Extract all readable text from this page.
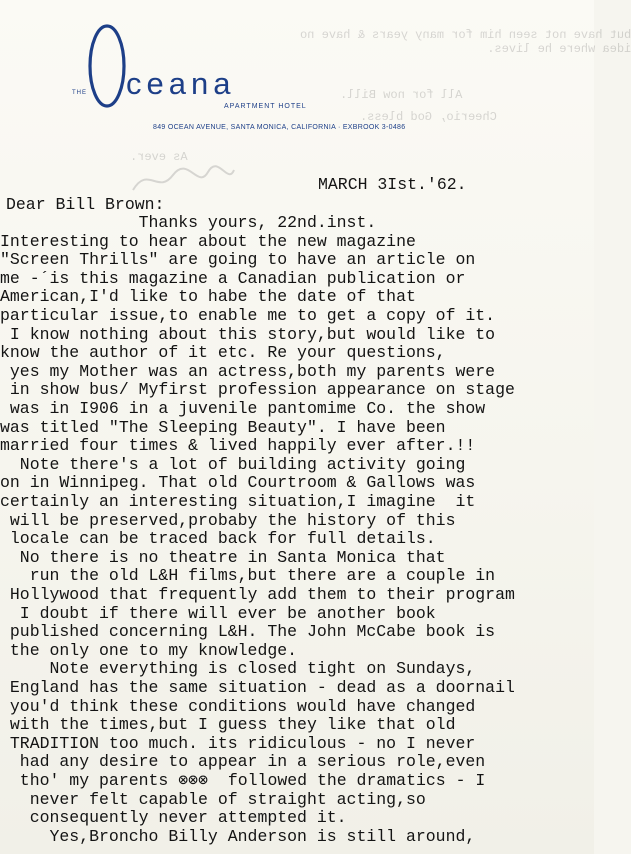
but have not seen him for many years & have no
idea where he lives.
All for now Bill.
Cheerio, God bless.
As ever.
THE ceana
APARTMENT HOTEL
849 OCEAN AVENUE, SANTA MONICA, CALIFORNIA · EXBROOK 3-0486
MARCH 3Ist.'62.
Dear Bill Brown:
Thanks yours, 22nd.inst.
Interesting to hear about the new magazine
"Screen Thrills" are going to have an article on
me -´is this magazine a Canadian publication or
American,I'd like to habe the date of that
particular issue,to enable me to get a copy of it.
I know nothing about this story,but would like to
know the author of it etc. Re your questions,
yes my Mother was an actress,both my parents were
in show bus/ Myfirst profession appearance on stage
was in I906 in a juvenile pantomime Co. the show
was titled "The Sleeping Beauty". I have been
married four times & lived happily ever after.!!
Note there's a lot of building activity going
on in Winnipeg. That old Courtroom & Gallows was
certainly an interesting situation,I imagine  it
will be preserved,probaby the history of this
locale can be traced back for full details.
No there is no theatre in Santa Monica that
run the old L&H films,but there are a couple in
Hollywood that frequently add them to their program
I doubt if there will ever be another book
published concerning L&H. The John McCabe book is
the only one to my knowledge.
Note everything is closed tight on Sundays,
England has the same situation - dead as a doornail
you'd think these conditions would have changed
with the times,but I guess they like that old
TRADITION too much. its ridiculous - no I never
had any desire to appear in a serious role,even
tho' my parents ⊗⊗⊗  followed the dramatics - I
never felt capable of straight acting,so
consequently never attempted it.
Yes,Broncho Billy Anderson is still around,
